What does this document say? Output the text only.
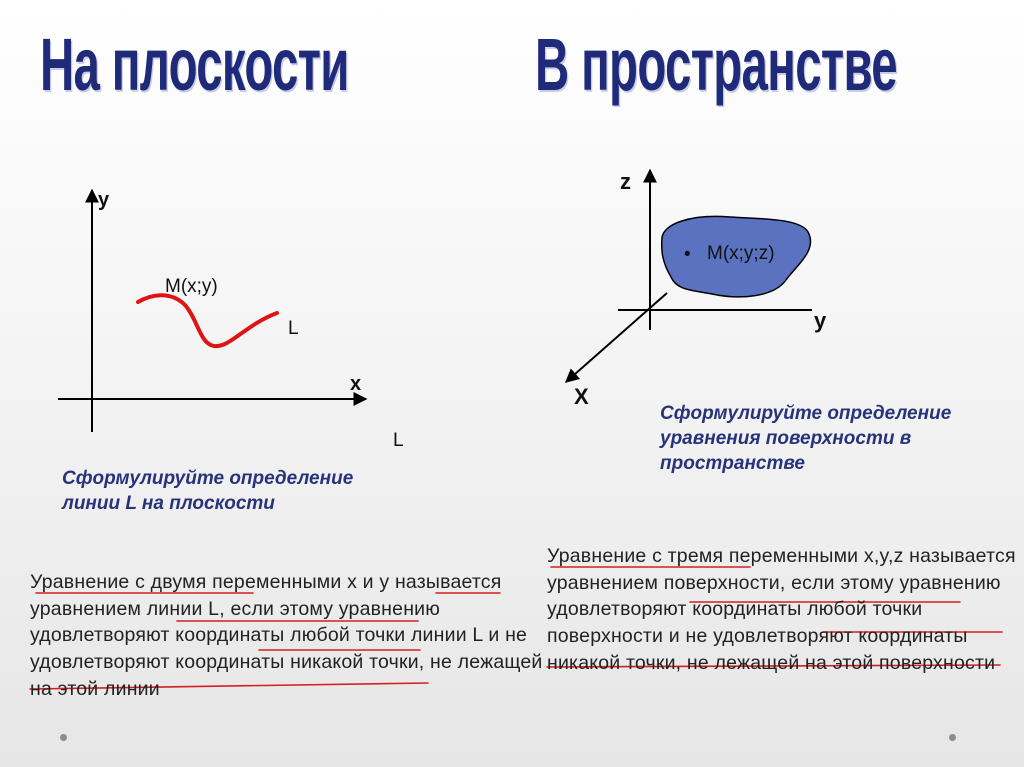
На плоскости	В пространстве
y
x
M(x;y)
L
L
z
y
X
• M(x;y;z)

Сформулируйте определение линии L на плоскости

Сформулируйте определение уравнения поверхности в пространстве

Уравнение с двумя переменными x и y называется уравнением линии L, если этому уравнению удовлетворяют координаты любой точки линии L и не удовлетворяют координаты никакой точки, не лежащей на этой линии

Уравнение с тремя переменными x,y,z называется уравнением поверхности, если этому уравнению удовлетворяют координаты любой точки поверхности и не удовлетворяют координаты никакой точки, не лежащей на этой поверхности
